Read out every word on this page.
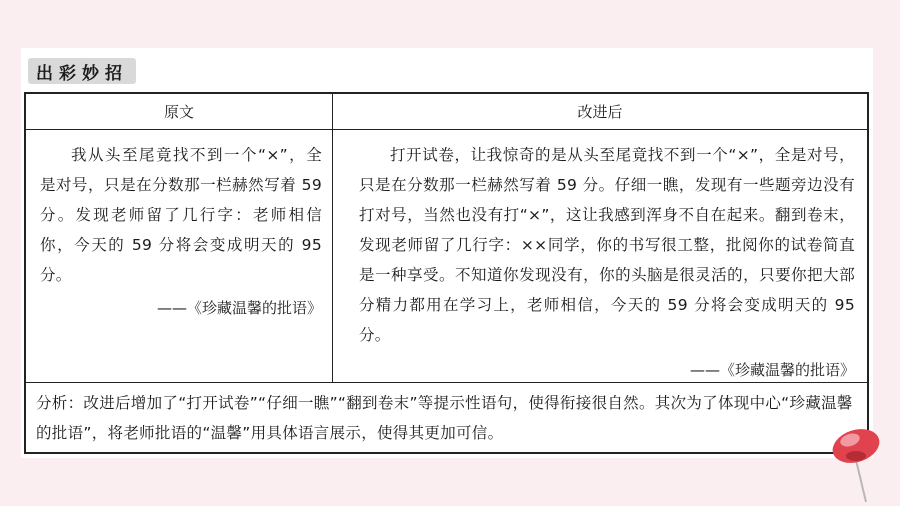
出彩妙招
原文
我从头至尾竟找不到一个“×”，全是对号，只是在分数那一栏赫然写着 59 分。发现老师留了几行字：老师相信你，今天的 59 分将会变成明天的 95 分。
——《珍藏温馨的批语》
改进后
打开试卷，让我惊奇的是从头至尾竟找不到一个“×”，全是对号，只是在分数那一栏赫然写着 59 分。仔细一瞧，发现有一些题旁边没有打对号，当然也没有打“×”，这让我感到浑身不自在起来。翻到卷末，发现老师留了几行字：××同学，你的书写很工整，批阅你的试卷简直是一种享受。不知道你发现没有，你的头脑是很灵活的，只要你把大部分精力都用在学习上，老师相信，今天的 59 分将会变成明天的 95 分。
——《珍藏温馨的批语》
分析：改进后增加了“打开试卷”“仔细一瞧”“翻到卷末”等提示性语句，使得衔接很自然。其次为了体现中心“珍藏温馨的批语”，将老师批语的“温馨”用具体语言展示，使得其更加可信。
